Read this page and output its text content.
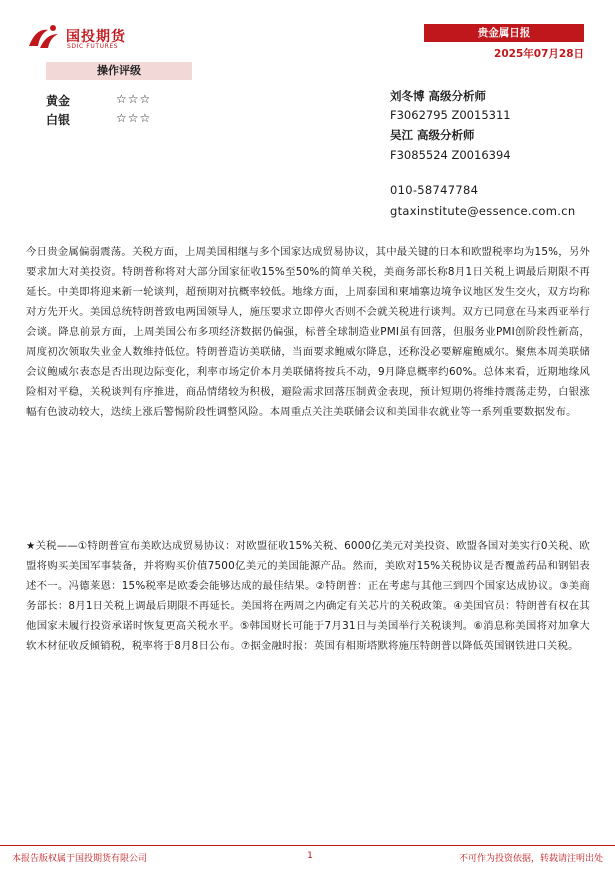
国投期货
SDIC FUTURES
贵金属日报
2025年07月28日
操作评级
黄金	☆☆☆
白银	☆☆☆
刘冬博 高级分析师
F3062795 Z0015311
吴江 高级分析师
F3085524 Z0016394
010-58747784
gtaxinstitute@essence.com.cn

今日贵金属偏弱震荡。关税方面，上周美国相继与多个国家达成贸易协议，其中最关键的日本和欧盟税率均为15%，另外要求加大对美投资。特朗普称将对大部分国家征收15%至50%的简单关税，美商务部长称8月1日关税上调最后期限不再延长。中美即将迎来新一轮谈判，超预期对抗概率较低。地缘方面，上周泰国和柬埔寨边境争议地区发生交火，双方均称对方先开火。美国总统特朗普致电两国领导人，施压要求立即停火否则不会就关税进行谈判。双方已同意在马来西亚举行会谈。降息前景方面，上周美国公布多项经济数据仍偏强，标普全球制造业PMI虽有回落，但服务业PMI创阶段性新高，周度初次领取失业金人数维持低位。特朗普造访美联储，当面要求鲍威尔降息，还称没必要解雇鲍威尔。聚焦本周美联储会议鲍威尔表态是否出现边际变化，利率市场定价本月美联储将按兵不动，9月降息概率约60%。总体来看，近期地缘风险相对平稳，关税谈判有序推进，商品情绪较为积极，避险需求回落压制黄金表现，预计短期仍将维持震荡走势，白银涨幅有色波动较大，迭续上涨后警惕阶段性调整风险。本周重点关注美联储会议和美国非农就业等一系列重要数据发布。

★关税——①特朗普宣布美欧达成贸易协议：对欧盟征收15%关税、6000亿美元对美投资、欧盟各国对美实行0关税、欧盟将购买美国军事装备，并将购买价值7500亿美元的美国能源产品。然而，美欧对15%关税协议是否覆盖药品和钢铝表述不一。冯德莱恩：15%税率是欧委会能够达成的最佳结果。②特朗普：正在考虑与其他三到四个国家达成协议。③美商务部长：8月1日关税上调最后期限不再延长。美国将在两周之内确定有关芯片的关税政策。④美国官员：特朗普有权在其他国家未履行投资承诺时恢复更高关税水平。⑤韩国财长可能于7月31日与美国举行关税谈判。⑥消息称美国将对加拿大软木材征收反倾销税，税率将于8月8日公布。⑦据金融时报：英国有相斯塔默将施压特朗普以降低英国钢铁进口关税。

本报告版权属于国投期货有限公司	1	不可作为投资依据，转载请注明出处
